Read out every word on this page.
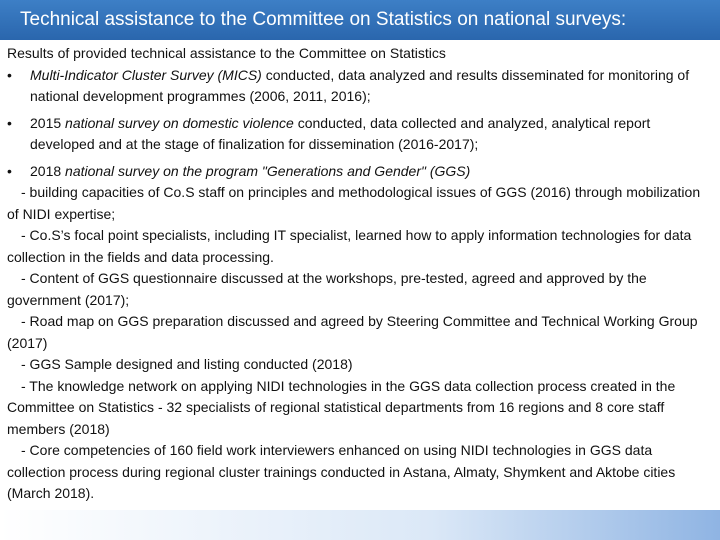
Technical assistance to the Committee on Statistics on national surveys:

Results of provided technical assistance to the Committee on Statistics

• Multi-Indicator Cluster Survey (MICS) conducted, data analyzed and results disseminated for monitoring of national development programmes (2006, 2011, 2016);

• 2015 national survey on domestic violence conducted, data collected and analyzed, analytical report developed and at the stage of finalization for dissemination (2016-2017);

• 2018 national survey on the program "Generations and Gender" (GGS)

- building capacities of Co.S staff on principles and methodological issues of GGS (2016) through mobilization of NIDI expertise;

- Co.S’s focal point specialists, including IT specialist, learned how to apply information technologies for data collection in the fields and data processing.

- Content of GGS questionnaire discussed at the workshops, pre-tested, agreed and approved by the government (2017);

- Road map on GGS preparation discussed and agreed by Steering Committee and Technical Working Group (2017)

- GGS Sample designed and listing conducted (2018)

- The knowledge network on applying NIDI technologies in the GGS data collection process created in the Committee on Statistics - 32 specialists of regional statistical departments from 16 regions and 8 core staff members (2018)

- Core competencies of 160 field work interviewers enhanced on using NIDI technologies in GGS data collection process during regional cluster trainings conducted in Astana, Almaty, Shymkent and Aktobe cities (March 2018).
